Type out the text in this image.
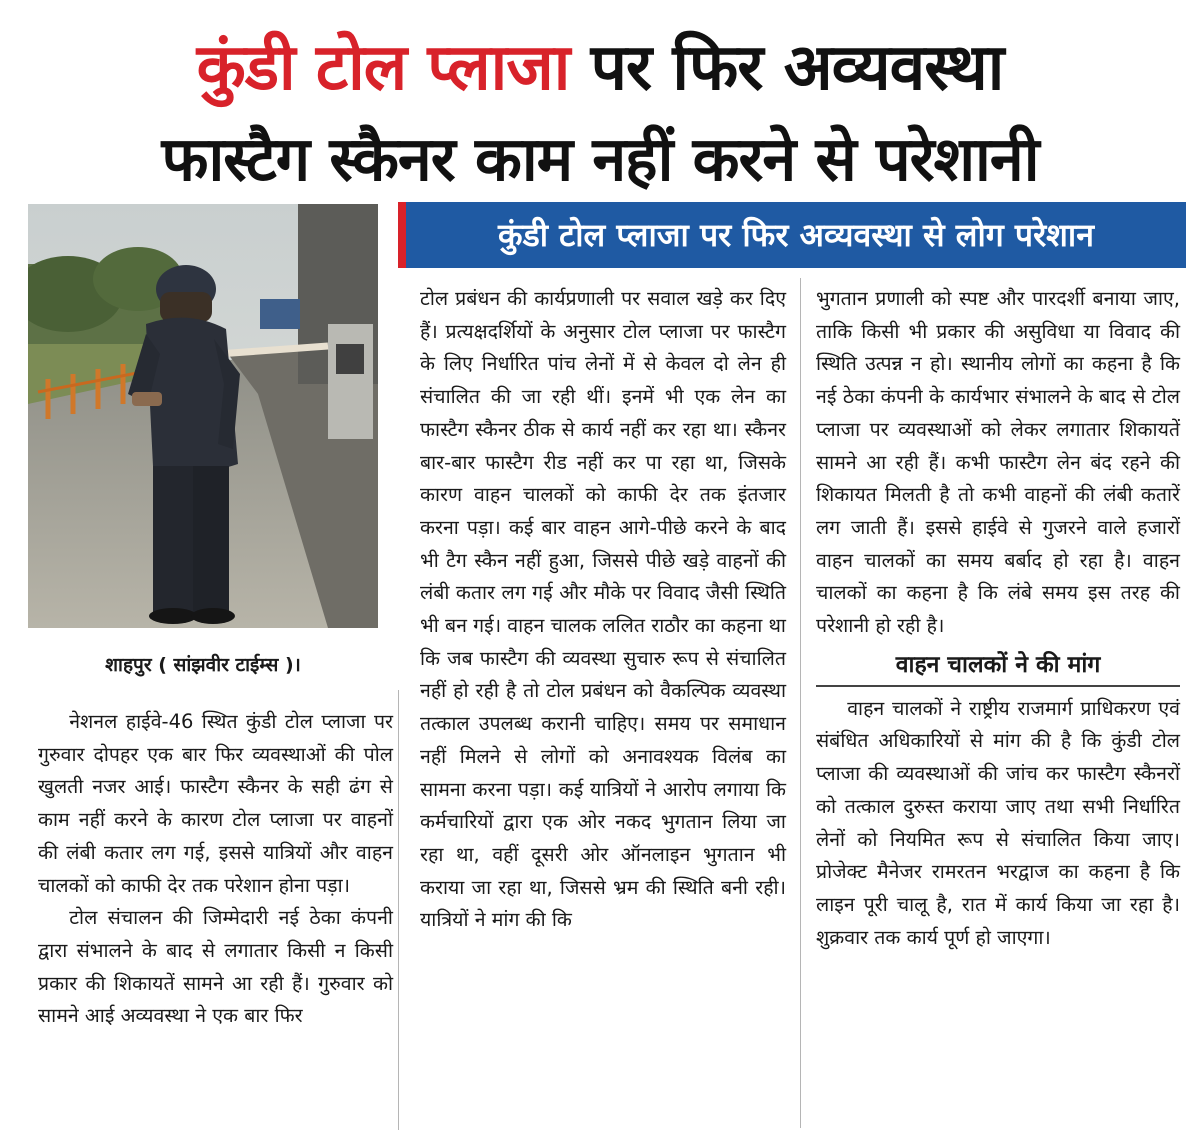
कुंडी टोल प्लाजा पर फिर अव्यवस्था
फास्टैग स्कैनर काम नहीं करने से परेशानी
शाहपुर ( सांझवीर टाईम्स )।
कुंडी टोल प्लाजा पर फिर अव्यवस्था से लोग परेशान

नेशनल हाईवे-46 स्थित कुंडी टोल प्लाजा पर गुरुवार दोपहर एक बार फिर व्यवस्थाओं की पोल खुलती नजर आई। फास्टैग स्कैनर के सही ढंग से काम नहीं करने के कारण टोल प्लाजा पर वाहनों की लंबी कतार लग गई, इससे यात्रियों और वाहन चालकों को काफी देर तक परेशान होना पड़ा।

टोल संचालन की जिम्मेदारी नई ठेका कंपनी द्वारा संभालने के बाद से लगातार किसी न किसी प्रकार की शिकायतें सामने आ रही हैं। गुरुवार को सामने आई अव्यवस्था ने एक बार फिर

टोल प्रबंधन की कार्यप्रणाली पर सवाल खड़े कर दिए हैं। प्रत्यक्षदर्शियों के अनुसार टोल प्लाजा पर फास्टैग के लिए निर्धारित पांच लेनों में से केवल दो लेन ही संचालित की जा रही थीं। इनमें भी एक लेन का फास्टैग स्कैनर ठीक से कार्य नहीं कर रहा था। स्कैनर बार-बार फास्टैग रीड नहीं कर पा रहा था, जिसके कारण वाहन चालकों को काफी देर तक इंतजार करना पड़ा। कई बार वाहन आगे-पीछे करने के बाद भी टैग स्कैन नहीं हुआ, जिससे पीछे खड़े वाहनों की लंबी कतार लग गई और मौके पर विवाद जैसी स्थिति भी बन गई। वाहन चालक ललित राठौर का कहना था कि जब फास्टैग की व्यवस्था सुचारु रूप से संचालित नहीं हो रही है तो टोल प्रबंधन को वैकल्पिक व्यवस्था तत्काल उपलब्ध करानी चाहिए। समय पर समाधान नहीं मिलने से लोगों को अनावश्यक विलंब का सामना करना पड़ा। कई यात्रियों ने आरोप लगाया कि कर्मचारियों द्वारा एक ओर नकद भुगतान लिया जा रहा था, वहीं दूसरी ओर ऑनलाइन भुगतान भी कराया जा रहा था, जिससे भ्रम की स्थिति बनी रही। यात्रियों ने मांग की कि

भुगतान प्रणाली को स्पष्ट और पारदर्शी बनाया जाए, ताकि किसी भी प्रकार की असुविधा या विवाद की स्थिति उत्पन्न न हो। स्थानीय लोगों का कहना है कि नई ठेका कंपनी के कार्यभार संभालने के बाद से टोल प्लाजा पर व्यवस्थाओं को लेकर लगातार शिकायतें सामने आ रही हैं। कभी फास्टैग लेन बंद रहने की शिकायत मिलती है तो कभी वाहनों की लंबी कतारें लग जाती हैं। इससे हाईवे से गुजरने वाले हजारों वाहन चालकों का समय बर्बाद हो रहा है। वाहन चालकों का कहना है कि लंबे समय इस तरह की परेशानी हो रही है।

वाहन चालकों ने की मांग

वाहन चालकों ने राष्ट्रीय राजमार्ग प्राधिकरण एवं संबंधित अधिकारियों से मांग की है कि कुंडी टोल प्लाजा की व्यवस्थाओं की जांच कर फास्टैग स्कैनरों को तत्काल दुरुस्त कराया जाए तथा सभी निर्धारित लेनों को नियमित रूप से संचालित किया जाए। प्रोजेक्ट मैनेजर रामरतन भरद्वाज का कहना है कि लाइन पूरी चालू है, रात में कार्य किया जा रहा है। शुक्रवार तक कार्य पूर्ण हो जाएगा।
